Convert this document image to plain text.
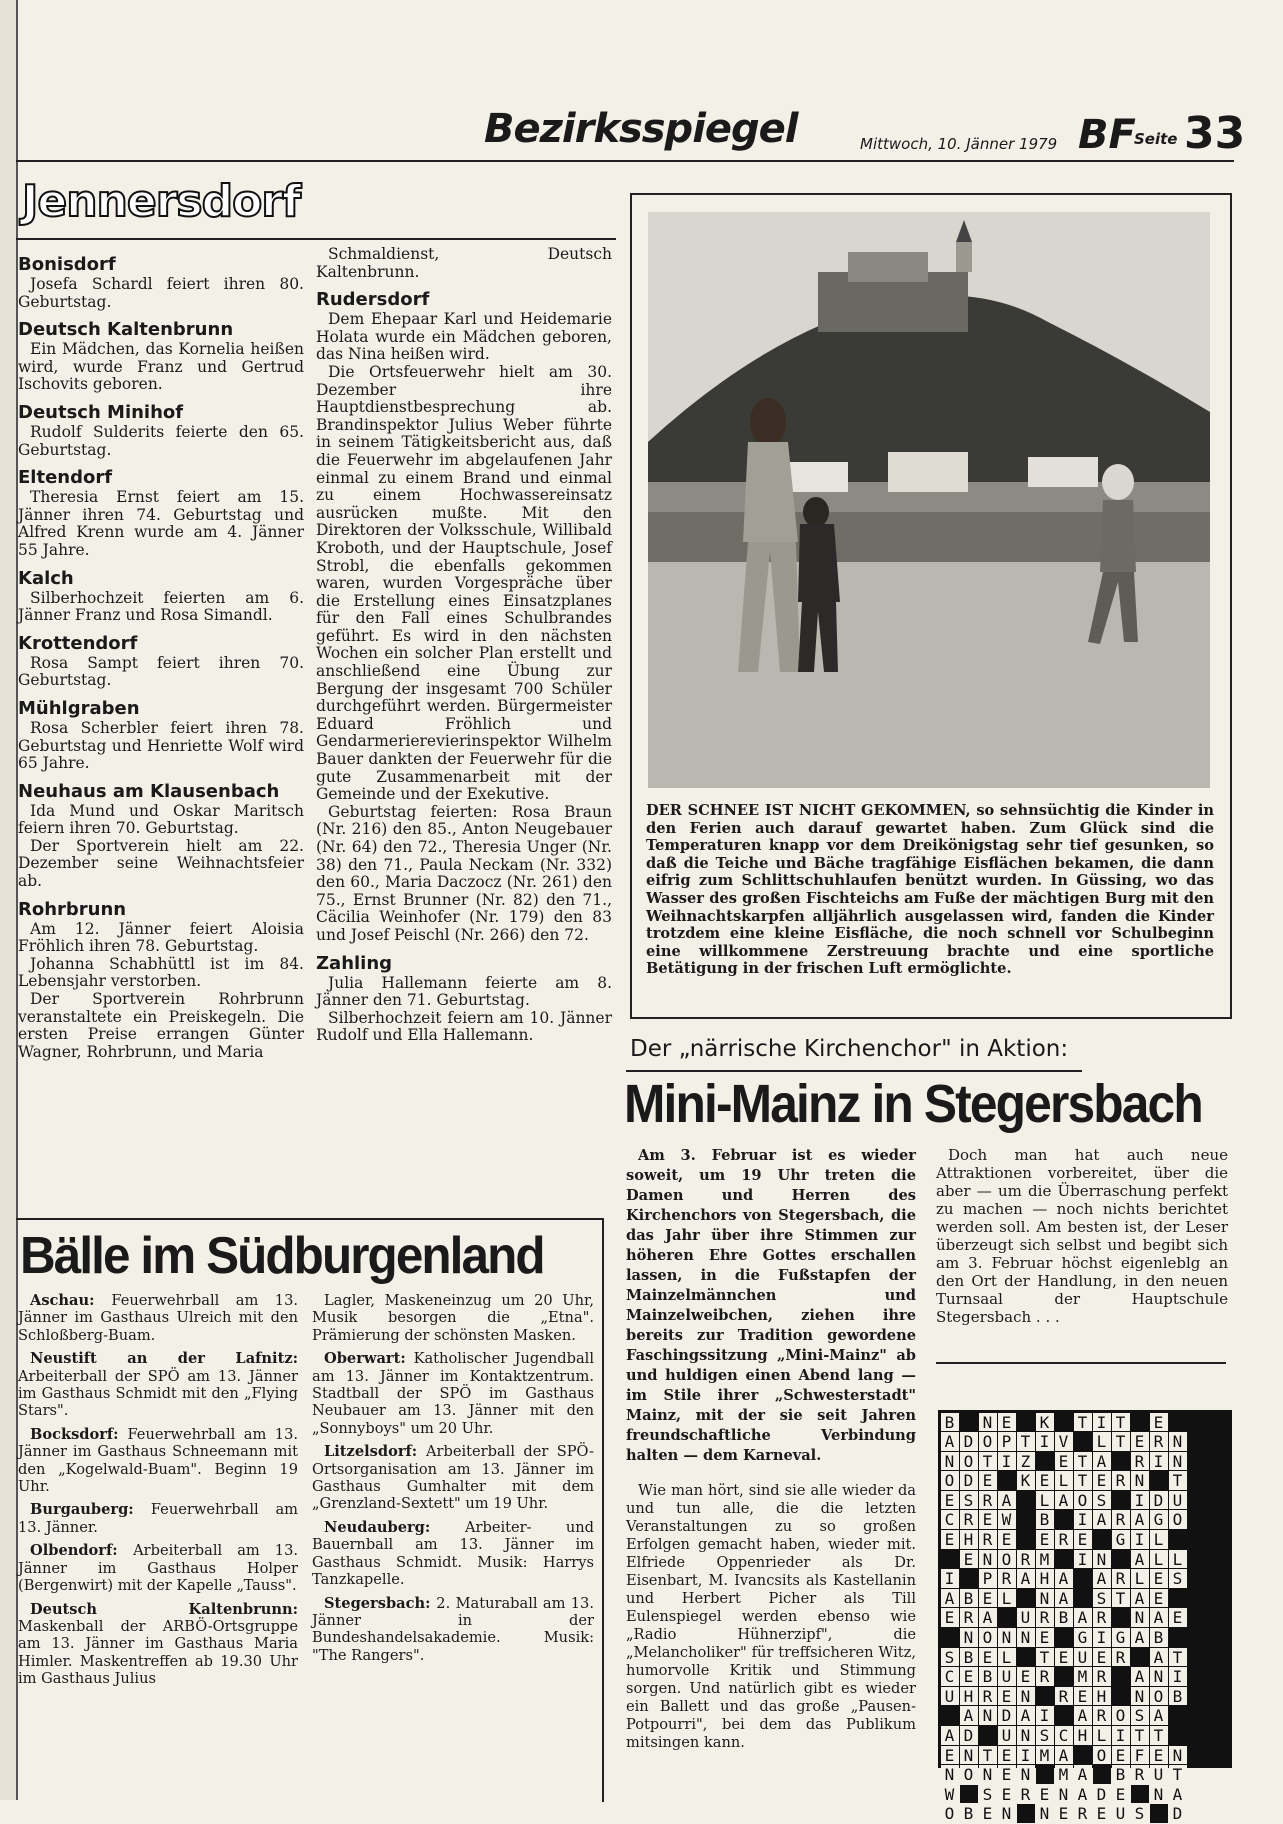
Bezirksspiegel	Mittwoch, 10. Jänner 1979 BF
Seite 33
Jennersdorf
Bonisdorf

Josefa Schardl feiert ihren 80. Geburtstag.

Deutsch Kaltenbrunn

Ein Mädchen, das Kornelia heißen wird, wurde Franz und Gertrud Ischovits geboren.

Deutsch Minihof

Rudolf Sulderits feierte den 65. Geburtstag.

Eltendorf

Theresia Ernst feiert am 15. Jänner ihren 74. Geburtstag und Alfred Krenn wurde am 4. Jänner 55 Jahre.

Kalch

Silberhochzeit feierten am 6. Jänner Franz und Rosa Simandl.

Krottendorf

Rosa Sampt feiert ihren 70. Geburtstag.

Mühlgraben

Rosa Scherbler feiert ihren 78. Geburtstag und Henriette Wolf wird 65 Jahre.

Neuhaus am Klausenbach

Ida Mund und Oskar Maritsch feiern ihren 70. Geburtstag.

Der Sportverein hielt am 22. Dezember seine Weihnachtsfeier ab.

Rohrbrunn

Am 12. Jänner feiert Aloisia Fröhlich ihren 78. Geburtstag.

Johanna Schabhüttl ist im 84. Lebensjahr verstorben.

Der Sportverein Rohrbrunn veranstaltete ein Preiskegeln. Die ersten Preise errangen Günter Wagner, Rohrbrunn, und Maria

Schmaldienst, Deutsch Kaltenbrunn.

Rudersdorf

Dem Ehepaar Karl und Heidemarie Holata wurde ein Mädchen geboren, das Nina heißen wird.

Die Ortsfeuerwehr hielt am 30. Dezember ihre Hauptdienstbesprechung ab. Brandinspektor Julius Weber führte in seinem Tätigkeitsbericht aus, daß die Feuerwehr im abgelaufenen Jahr einmal zu einem Brand und einmal zu einem Hochwassereinsatz ausrücken mußte. Mit den Direktoren der Volksschule, Willibald Kroboth, und der Hauptschule, Josef Strobl, die ebenfalls gekommen waren, wurden Vorgespräche über die Erstellung eines Einsatzplanes für den Fall eines Schulbrandes geführt. Es wird in den nächsten Wochen ein solcher Plan erstellt und anschließend eine Übung zur Bergung der insgesamt 700 Schüler durchgeführt werden. Bürgermeister Eduard Fröhlich und Gendarmerierevierinspektor Wilhelm Bauer dankten der Feuerwehr für die gute Zusammenarbeit mit der Gemeinde und der Exekutive.

Geburtstag feierten: Rosa Braun (Nr. 216) den 85., Anton Neugebauer (Nr. 64) den 72., Theresia Unger (Nr. 38) den 71., Paula Neckam (Nr. 332) den 60., Maria Daczocz (Nr. 261) den 75., Ernst Brunner (Nr. 82) den 71., Cäcilia Weinhofer (Nr. 179) den 83 und Josef Peischl (Nr. 266) den 72.

Zahling

Julia Hallemann feierte am 8. Jänner den 71. Geburtstag.

Silberhochzeit feiern am 10. Jänner Rudolf und Ella Hallemann.

DER SCHNEE IST NICHT GEKOMMEN, so sehnsüchtig die Kinder in den Ferien auch darauf gewartet haben. Zum Glück sind die Temperaturen knapp vor dem Dreikönigstag sehr tief gesunken, so daß die Teiche und Bäche tragfähige Eisflächen bekamen, die dann eifrig zum Schlittschuhlaufen benützt wurden. In Güssing, wo das Wasser des großen Fischteichs am Fuße der mächtigen Burg mit den Weihnachtskarpfen alljährlich ausgelassen wird, fanden die Kinder trotzdem eine kleine Eisfläche, die noch schnell vor Schulbeginn eine willkommene Zerstreuung brachte und eine sportliche Betätigung in der frischen Luft ermöglichte.
Der „närrische Kirchenchor" in Aktion:
Mini-Mainz in Stegersbach

Am 3. Februar ist es wieder soweit, um 19 Uhr treten die Damen und Herren des Kirchenchors von Stegersbach, die das Jahr über ihre Stimmen zur höheren Ehre Gottes erschallen lassen, in die Fußstapfen der Mainzelmännchen und Mainzelweibchen, ziehen ihre bereits zur Tradition gewordene Faschingssitzung „Mini-Mainz" ab und huldigen einen Abend lang — im Stile ihrer „Schwesterstadt" Mainz, mit der sie seit Jahren freundschaftliche Verbindung halten — dem Karneval.

Wie man hört, sind sie alle wieder da und tun alle, die die letzten Veranstaltungen zu so großen Erfolgen gemacht haben, wieder mit. Elfriede Oppenrieder als Dr. Eisenbart, M. Ivancsits als Kastellanin und Herbert Picher als Till Eulenspiegel werden ebenso wie „Radio Hühnerzipf", die „Melancholiker" für treffsicheren Witz, humorvolle Kritik und Stimmung sorgen. Und natürlich gibt es wieder ein Ballett und das große „Pausen-Potpourri", bei dem das Publikum mitsingen kann.

Doch man hat auch neue Attraktionen vorbereitet, über die aber — um die Überraschung perfekt zu machen — noch nichts berichtet werden soll. Am besten ist, der Leser überzeugt sich selbst und begibt sich am 3. Februar höchst eigenleblg an den Ort der Handlung, in den neuen Turnsaal der Hauptschule Stegersbach . . .

Bälle im Südburgenland

Aschau: Feuerwehrball am 13. Jänner im Gasthaus Ulreich mit den Schloßberg-Buam.

Neustift an der Lafnitz: Arbeiterball der SPÖ am 13. Jänner im Gasthaus Schmidt mit den „Flying Stars".

Bocksdorf: Feuerwehrball am 13. Jänner im Gasthaus Schneemann mit den „Kogelwald-Buam". Beginn 19 Uhr.

Burgauberg: Feuerwehrball am 13. Jänner.

Olbendorf: Arbeiterball am 13. Jänner im Gasthaus Holper (Bergenwirt) mit der Kapelle „Tauss".

Deutsch Kaltenbrunn: Maskenball der ARBÖ-Ortsgruppe am 13. Jänner im Gasthaus Maria Himler. Maskentreffen ab 19.30 Uhr im Gasthaus Julius

Lagler, Maskeneinzug um 20 Uhr, Musik besorgen die „Etna". Prämierung der schönsten Masken.

Oberwart: Katholischer Jugendball am 13. Jänner im Kontaktzentrum. Stadtball der SPÖ im Gasthaus Neubauer am 13. Jänner mit den „Sonnyboys" um 20 Uhr.

Litzelsdorf: Arbeiterball der SPÖ-Ortsorganisation am 13. Jänner im Gasthaus Gumhalter mit dem „Grenzland-Sextett" um 19 Uhr.

Neudauberg: Arbeiter- und Bauernball am 13. Jänner im Gasthaus Schmidt. Musik: Harrys Tanzkapelle.

Stegersbach: 2. Maturaball am 13. Jänner in der Bundeshandelsakademie. Musik: "The Rangers".

B N E K T I T E
A D O P T I V L T E R N
N O T I Z E T A R I N
O D E K E L T E R N T
E S R A L A O S I D U
C R E W B I A R A G O
E H R E E R E G I L
E N O R M I N A L L
I P R A H A A R L E S
A B E L N A S T A E
E R A U R B A R N A E
N O N N E G I G A B
S B E L T E U E R A T
C E B U E R M R A N I
U H R E N R E H N O B
A N D A I A R O S A
A D U N S C H L I T T
E N T E I M A O E F E N
N O N E N M A B R U T
W S E R E N A D E N A
O B E N N E R E U S D
